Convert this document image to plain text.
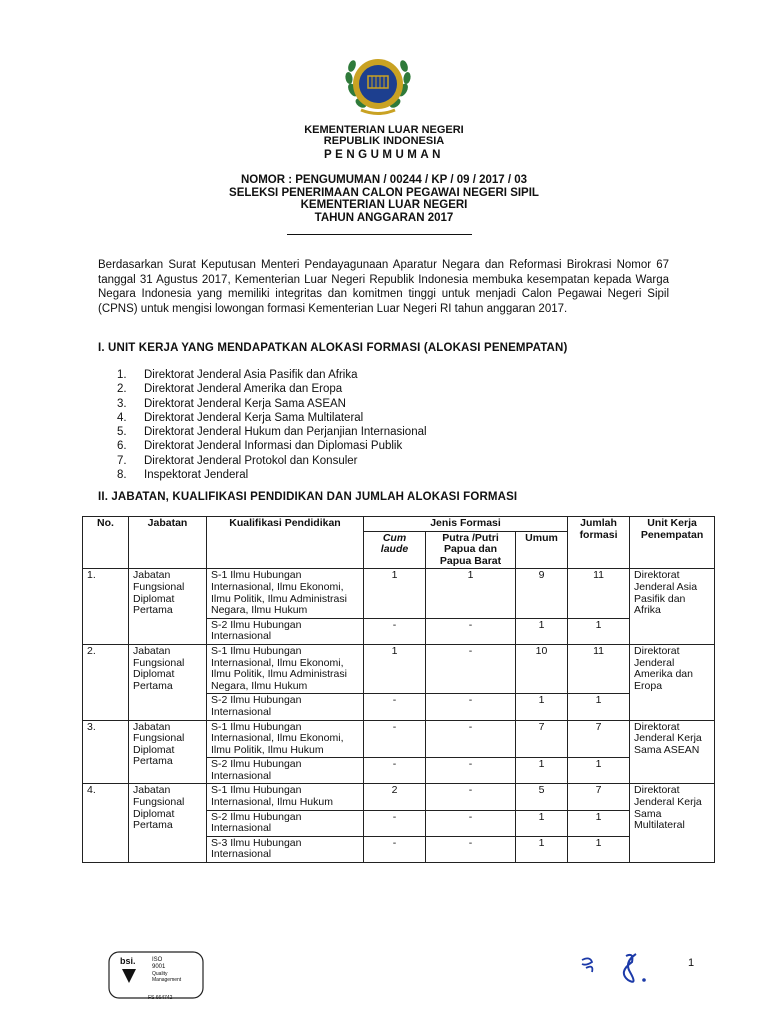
KEMENTERIAN LUAR NEGERI
REPUBLIK INDONESIA
PENGUMUMAN
NOMOR : PENGUMUMAN / 00244 / KP / 09 / 2017 / 03
SELEKSI PENERIMAAN CALON PEGAWAI NEGERI SIPIL
KEMENTERIAN LUAR NEGERI
TAHUN ANGGARAN 2017

Berdasarkan Surat Keputusan Menteri Pendayagunaan Aparatur Negara dan Reformasi Birokrasi Nomor 67 tanggal 31 Agustus 2017, Kementerian Luar Negeri Republik Indonesia membuka kesempatan kepada Warga Negara Indonesia yang memiliki integritas dan komitmen tinggi untuk menjadi Calon Pegawai Negeri Sipil (CPNS) untuk mengisi lowongan formasi Kementerian Luar Negeri RI tahun anggaran 2017.

I. UNIT KERJA YANG MENDAPATKAN ALOKASI FORMASI (ALOKASI PENEMPATAN)
1.	Direktorat Jenderal Asia Pasifik dan Afrika
2.	Direktorat Jenderal Amerika dan Eropa
3.	Direktorat Jenderal Kerja Sama ASEAN
4.	Direktorat Jenderal Kerja Sama Multilateral
5.	Direktorat Jenderal Hukum dan Perjanjian Internasional
6.	Direktorat Jenderal Informasi dan Diplomasi Publik
7.	Direktorat Jenderal Protokol dan Konsuler
8.	Inspektorat Jenderal
II. JABATAN, KUALIFIKASI PENDIDIKAN DAN JUMLAH ALOKASI FORMASI
No.	Jabatan	Kualifikasi Pendidikan	Jenis Formasi			Jumlah formasi	Unit Kerja Penempatan
			Cum laude	Putra /Putri Papua dan Papua Barat	Umum		
1.	Jabatan Fungsional Diplomat Pertama	S-1 Ilmu Hubungan Internasional, Ilmu Ekonomi, Ilmu Politik, Ilmu Administrasi Negara, Ilmu Hukum	1	1	9	11	Direktorat Jenderal Asia Pasifik dan Afrika
		S-2 Ilmu Hubungan Internasional	-	-	1	1	
2.	Jabatan Fungsional Diplomat Pertama	S-1 Ilmu Hubungan Internasional, Ilmu Ekonomi, Ilmu Politik, Ilmu Administrasi Negara, Ilmu Hukum	1	-	10	11	Direktorat Jenderal Amerika dan Eropa
		S-2 Ilmu Hubungan Internasional	-	-	1	1	
3.	Jabatan Fungsional Diplomat Pertama	S-1 Ilmu Hubungan Internasional, Ilmu Ekonomi, Ilmu Politik, Ilmu Hukum	-	-	7	7	Direktorat Jenderal Kerja Sama ASEAN
		S-2 Ilmu Hubungan Internasional	-	-	1	1	
4.	Jabatan Fungsional Diplomat Pertama	S-1 Ilmu Hubungan Internasional, Ilmu Hukum	2	-	5	7	Direktorat Jenderal Kerja Sama Multilateral
		S-2 Ilmu Hubungan Internasional	-	-	1	1	
		S-3 Ilmu Hubungan Internasional	-	-	1	1	
bsi.	ISO
9001
Quality
Management
FS 664742
1
